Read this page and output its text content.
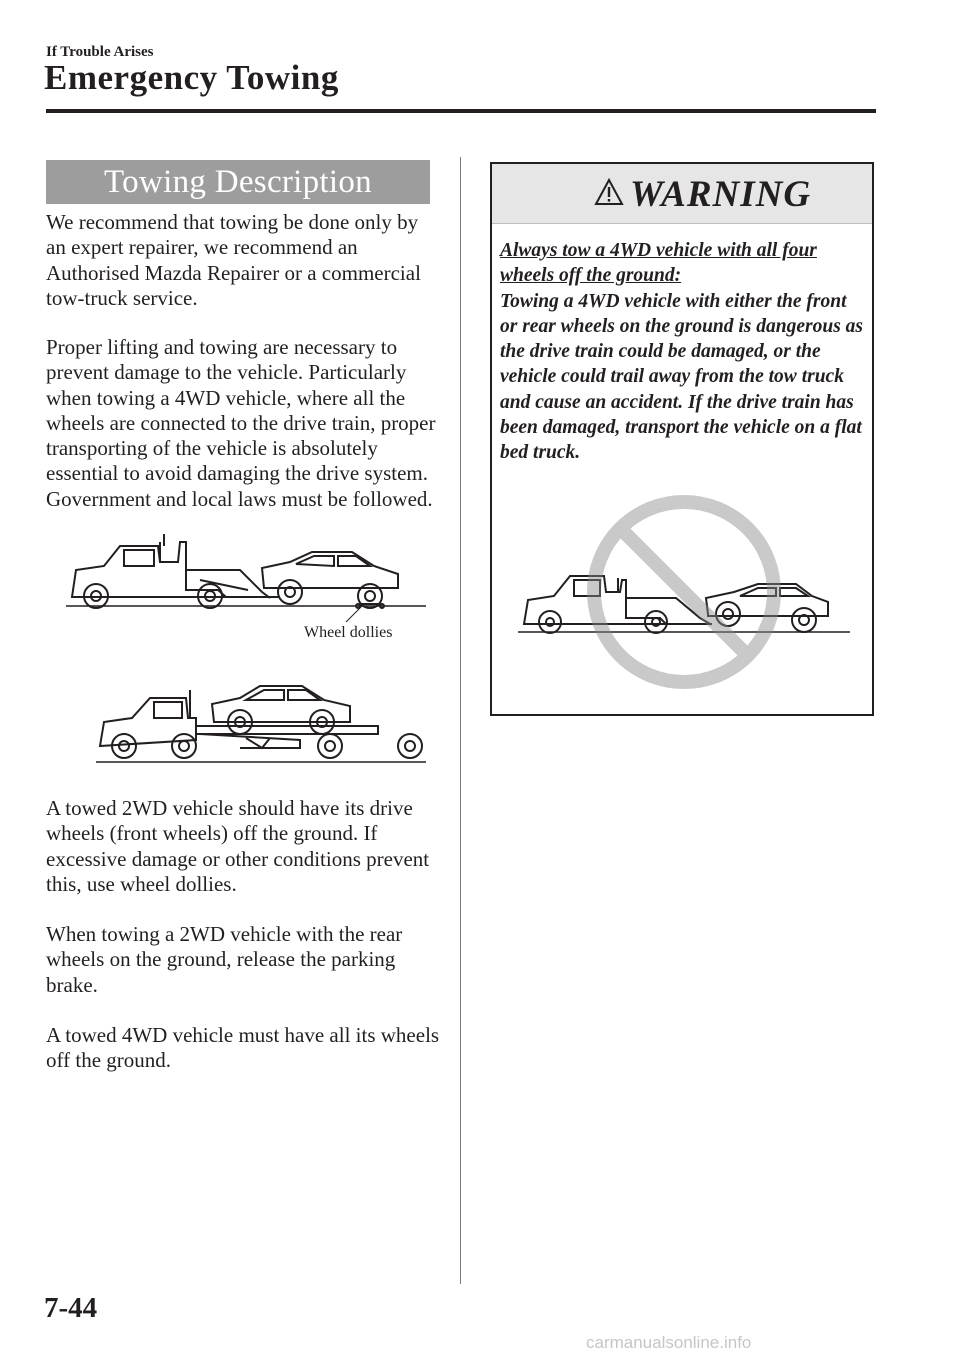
If Trouble Arises
Emergency Towing
Towing Description

We recommend that towing be done only by an expert repairer, we recommend an Authorised Mazda Repairer or a commercial tow-truck service.

Proper lifting and towing are necessary to prevent damage to the vehicle. Particularly when towing a 4WD vehicle, where all the wheels are connected to the drive train, proper transporting of the vehicle is absolutely essential to avoid damaging the drive system. Government and local laws must be followed.

Wheel dollies

A towed 2WD vehicle should have its drive wheels (front wheels) off the ground. If excessive damage or other conditions prevent this, use wheel dollies.

When towing a 2WD vehicle with the rear wheels on the ground, release the parking brake.

A towed 4WD vehicle must have all its wheels off the ground.

WARNING

Always tow a 4WD vehicle with all four wheels off the ground:
Towing a 4WD vehicle with either the front or rear wheels on the ground is dangerous as the drive train could be damaged, or the vehicle could trail away from the tow truck and cause an accident. If the drive train has been damaged, transport the vehicle on a flat bed truck.

7-44
carmanualsonline.info
